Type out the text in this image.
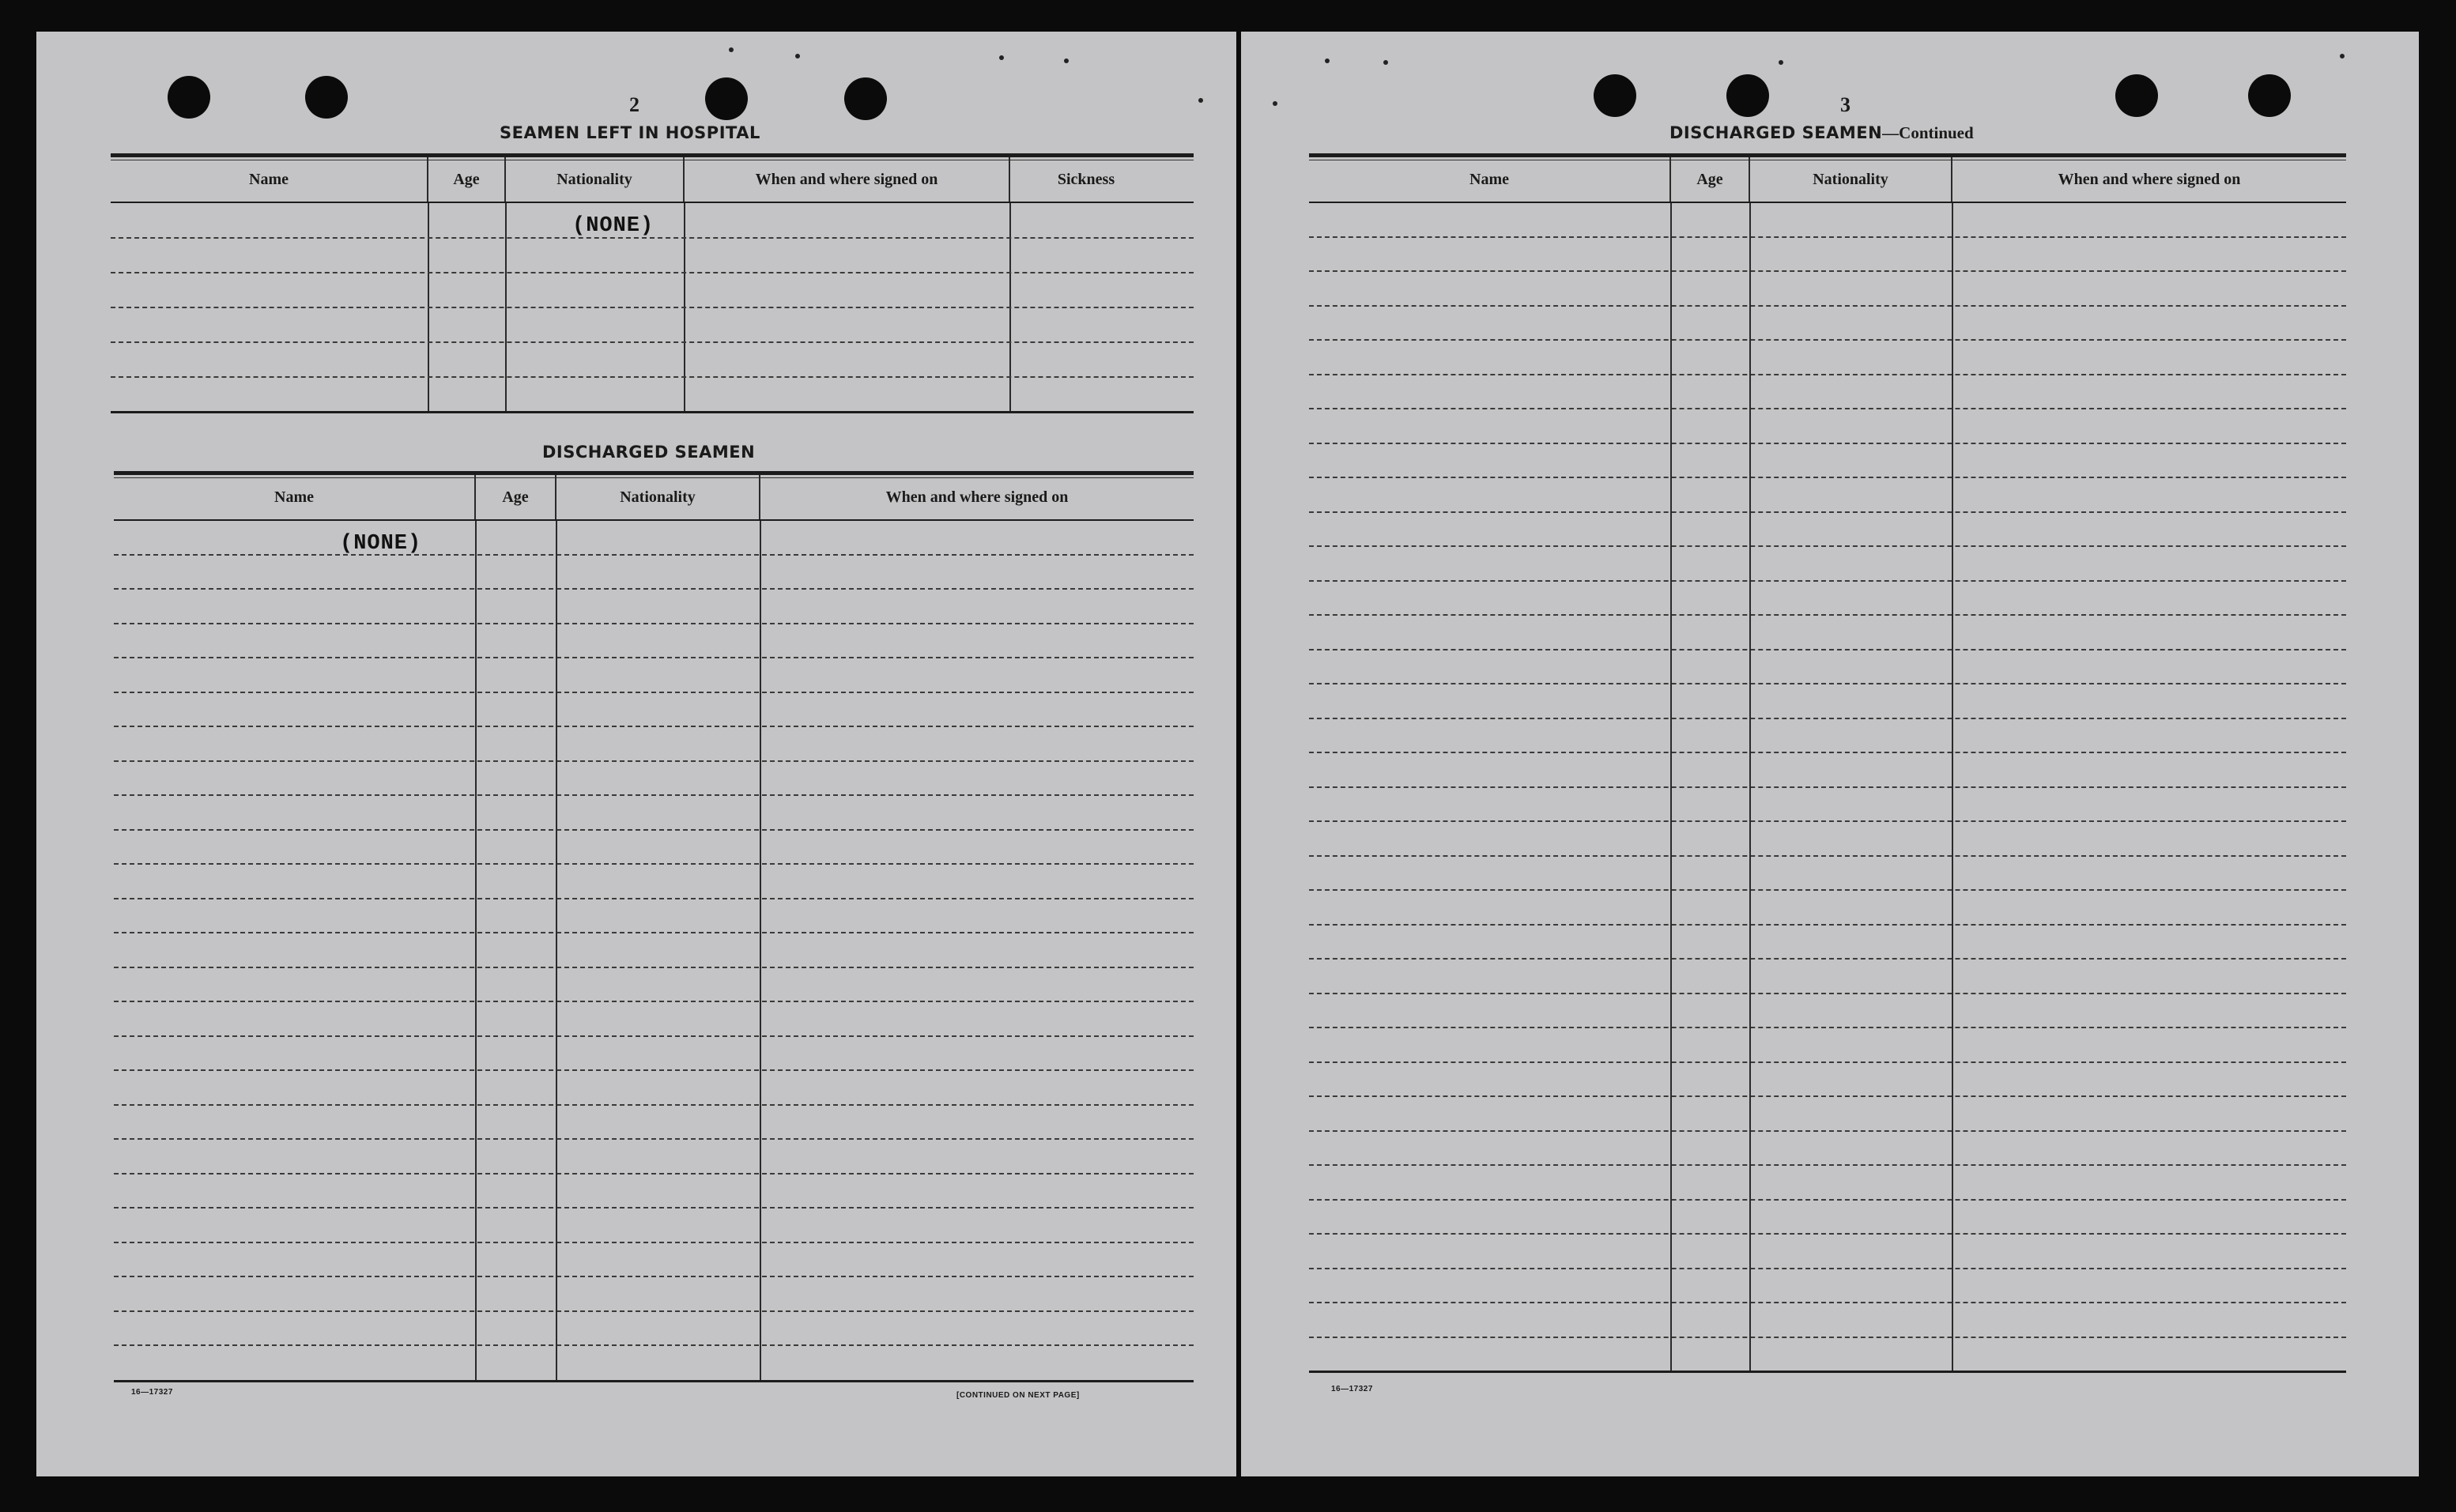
2
SEAMEN LEFT IN HOSPITAL
Name	Age	Nationality	When and where signed on	Sickness
(NONE)
DISCHARGED SEAMEN
Name	Age	Nationality	When and where signed on
(NONE)
16—17327	[CONTINUED ON NEXT PAGE]
3
DISCHARGED SEAMEN—Continued
Name	Age	Nationality	When and where signed on
16—17327
